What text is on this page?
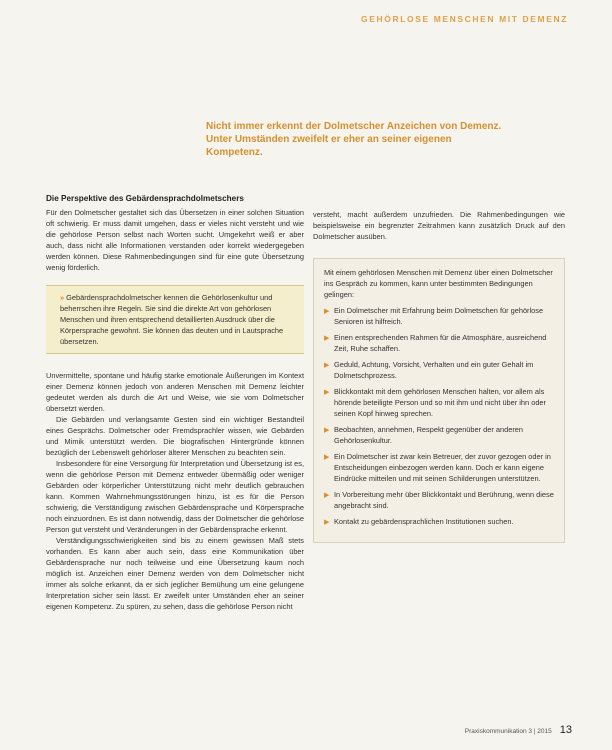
GEHÖRLOSE MENSCHEN MIT DEMENZ
Nicht immer erkennt der Dolmetscher Anzeichen von Demenz. Unter Umständen zweifelt er eher an seiner eigenen Kompetenz.
Die Perspektive des Gebärdensprachdolmetschers

Für den Dolmetscher gestaltet sich das Übersetzen in einer solchen Situation oft schwierig. Er muss damit umgehen, dass er vieles nicht versteht und wie die gehörlose Person selbst nach Worten sucht. Umgekehrt weiß er aber auch, dass nicht alle Informationen verstanden oder korrekt wiedergegeben werden können. Diese Rahmenbedingungen sind für eine gute Übersetzung wenig förderlich.

» Gebärdensprachdolmetscher kennen die Gehörlosenkultur und beherrschen ihre Regeln. Sie sind die direkte Art von gehörlosen Menschen und ihren entsprechend detaillierten Ausdruck über die Körpersprache gewohnt. Sie können das deuten und in Lautsprache übersetzen.

Unvermittelte, spontane und häufig starke emotionale Äußerungen im Kontext einer Demenz können jedoch von anderen Menschen mit Demenz leichter gedeutet werden als durch die Art und Weise, wie sie vom Dolmetscher übersetzt werden.

Die Gebärden und verlangsamte Gesten sind ein wichtiger Bestandteil eines Gesprächs. Dolmetscher oder Fremdsprachler wissen, wie Gebärden und Mimik unterstützt werden. Die biografischen Hintergründe können bezüglich der Lebenswelt gehörloser älterer Menschen zu beachten sein.

Insbesondere für eine Versorgung für Interpretation und Übersetzung ist es, wenn die gehörlose Person mit Demenz entweder übermäßig oder weniger Gebärden oder körperlicher Unterstützung nicht mehr deutlich gebrauchen kann. Kommen Wahrnehmungsstörungen hinzu, ist es für die Person schwierig, die Verständigung zwischen Gebärdensprache und Körpersprache noch einzuordnen. Es ist dann notwendig, dass der Dolmetscher die gehörlose Person gut versteht und Veränderungen in der Gebärdensprache erkennt.

Verständigungsschwierigkeiten sind bis zu einem gewissen Maß stets vorhanden. Es kann aber auch sein, dass eine Kommunikation über Gebärdensprache nur noch teilweise und eine Übersetzung kaum noch möglich ist. Anzeichen einer Demenz werden von dem Dolmetscher nicht immer als solche erkannt, da er sich jeglicher Bemühung um eine gelungene Interpretation sicher sein lässt. Er zweifelt unter Umständen eher an seiner eigenen Kompetenz. Zu spüren, zu sehen, dass die gehörlose Person nicht

versteht, macht außerdem unzufrieden. Die Rahmenbedingungen wie beispielsweise ein begrenzter Zeitrahmen kann zusätzlich Druck auf den Dolmetscher ausüben.

Mit einem gehörlosen Menschen mit Demenz über einen Dolmetscher ins Gespräch zu kommen, kann unter bestimmten Bedingungen gelingen:
▶ Ein Dolmetscher mit Erfahrung beim Dolmetschen für gehörlose Senioren ist hilfreich.
▶ Einen entsprechenden Rahmen für die Atmosphäre, ausreichend Zeit, Ruhe schaffen.
▶ Geduld, Achtung, Vorsicht, Verhalten und ein guter Gehalt im Dolmetschprozess.
▶ Blickkontakt mit dem gehörlosen Menschen halten, vor allem als hörende beteiligte Person und so mit ihm und nicht über ihn oder seinen Kopf hinweg sprechen.
▶ Beobachten, annehmen, Respekt gegenüber der anderen Gehörlosenkultur.
▶ Ein Dolmetscher ist zwar kein Betreuer, der zuvor gezogen oder in Entscheidungen einbezogen werden kann. Doch er kann eigene Eindrücke mitteilen und mit seinen Schilderungen unterstützen.
▶ In Vorbereitung mehr über Blickkontakt und Berührung, wenn diese angebracht sind.
▶ Kontakt zu gebärdensprachlichen Institutionen suchen.
Praxiskommunikation 3 | 2015 13
